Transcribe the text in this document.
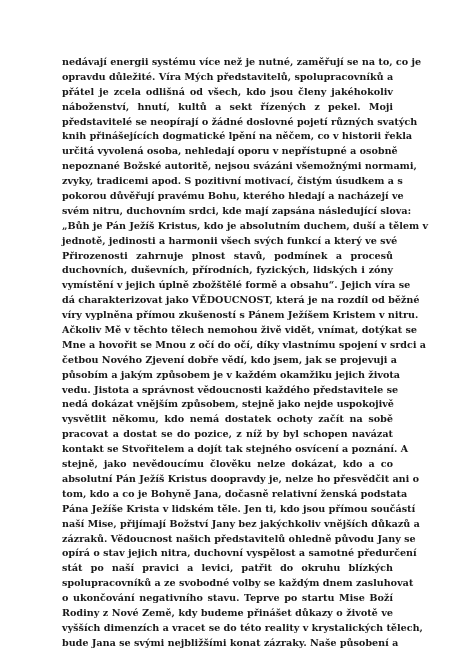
nedávají energii systému více než je nutné, zaměřují se na to, co je
opravdu důležité. Víra Mých představitelů, spolupracovníků a
přátel je zcela odlišná od všech, kdo jsou členy jakéhokoliv
náboženství, hnutí, kultů a sekt řízených z pekel. Moji
představitelé se neopírají o žádné doslovné pojetí různých svatých
knih přinášejících dogmatické lpění na něčem, co v historii řekla
určitá vyvolená osoba, nehledají oporu v nepřístupné a osobně
nepoznané Božské autoritě, nejsou svázáni všemožnými normami,
zvyky, tradicemi apod. S pozitivní motivací, čistým úsudkem a s
pokorou důvěřují pravému Bohu, kterého hledají a nacházejí ve
svém nitru, duchovním srdci, kde mají zapsána následující slova:
„Bůh je Pán Ježíš Kristus, kdo je absolutním duchem, duší a tělem v
jednotě, jedinosti a harmonii všech svých funkcí a který ve své
Přirozenosti zahrnuje plnost stavů, podmínek a procesů
duchovních, duševních, přírodních, fyzických, lidských i zóny
vymístění v jejich úplně zbožštělé formě a obsahu“. Jejich víra se
dá charakterizovat jako VĚDOUCNOST, která je na rozdíl od běžné
víry vyplněna přímou zkušeností s Pánem Ježíšem Kristem v nitru.
Ačkoliv Mě v těchto tělech nemohou živě vidět, vnímat, dotýkat se
Mne a hovořit se Mnou z očí do očí, díky vlastnímu spojení v srdci a
četbou Nového Zjevení dobře vědí, kdo jsem, jak se projevuji a
působím a jakým způsobem je v každém okamžiku jejich života
vedu. Jistota a správnost vědoucnosti každého představitele se
nedá dokázat vnějším způsobem, stejně jako nejde uspokojivě
vysvětlit někomu, kdo nemá dostatek ochoty začít na sobě
pracovat a dostat se do pozice, z níž by byl schopen navázat
kontakt se Stvořitelem a dojít tak stejného osvícení a poznání. A
stejně, jako nevědoucímu člověku nelze dokázat, kdo a co
absolutní Pán Ježíš Kristus doopravdy je, nelze ho přesvědčit ani o
tom, kdo a co je Bohyně Jana, dočasně relativní ženská podstata
Pána Ježíše Krista v lidském těle. Jen ti, kdo jsou přímou součástí
naší Mise, přijímají Božství Jany bez jakýchkoliv vnějších důkazů a
zázraků. Vědoucnost našich představitelů ohledně původu Jany se
opírá o stav jejich nitra, duchovní vyspělost a samotné předurčení
stát po naší pravici a levici, patřit do okruhu blízkých
spolupracovníků a ze svobodné volby se každým dnem zasluhovat
o ukončování negativního stavu. Teprve po startu Mise Boží
Rodiny z Nové Země, kdy budeme přinášet důkazy o životě ve
vyšších dimenzích a vracet se do této reality v krystalických tělech,
bude Jana se svými nejbližšími konat zázraky. Naše působení a
